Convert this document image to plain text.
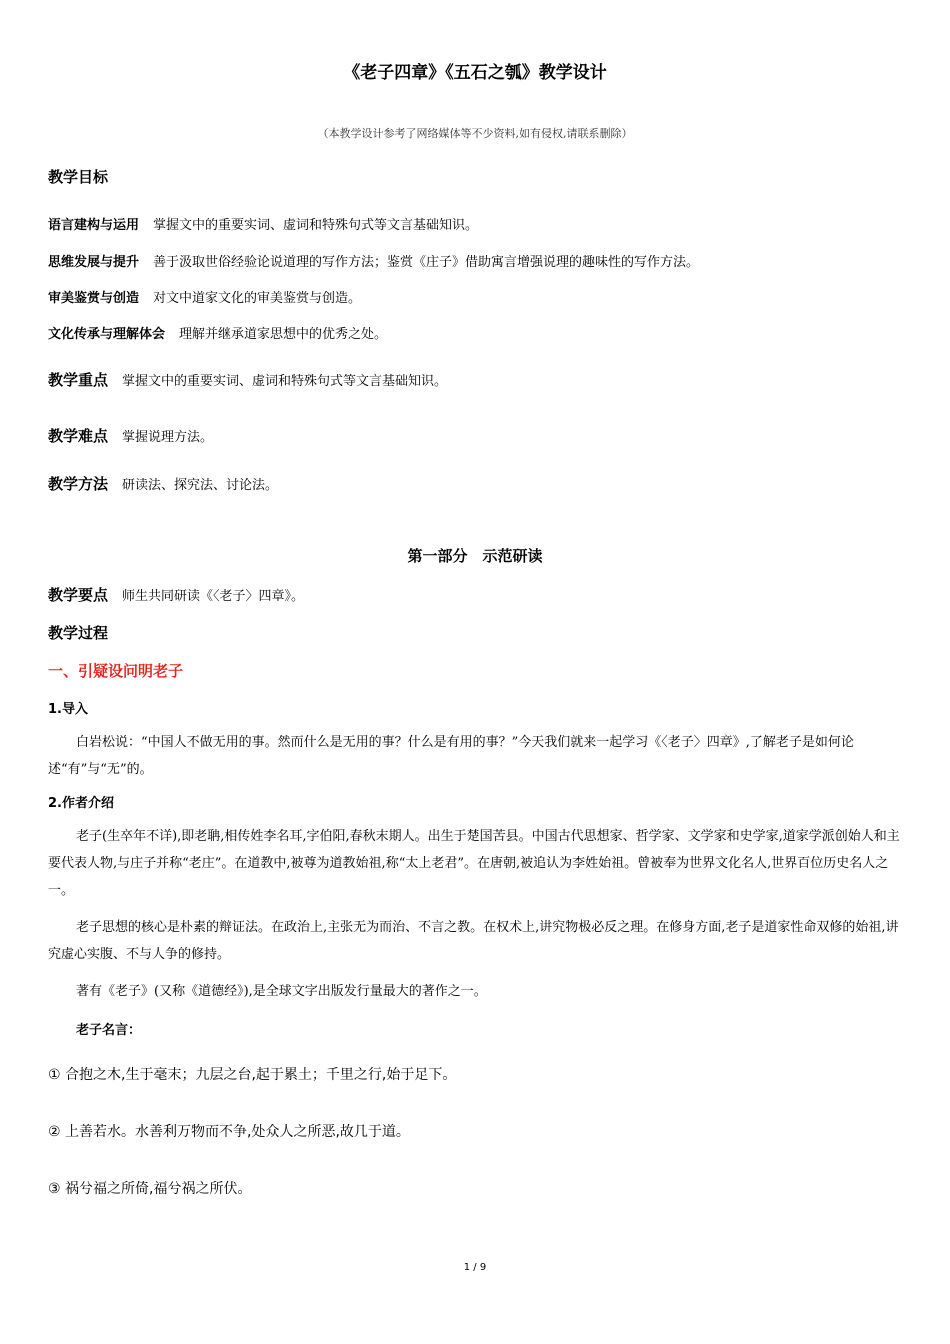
《老子四章》《五石之瓠》教学设计
（本教学设计参考了网络媒体等不少资料,如有侵权,请联系删除）
教学目标
语言建构与运用 掌握文中的重要实词、虚词和特殊句式等文言基础知识。
思维发展与提升 善于汲取世俗经验论说道理的写作方法；鉴赏《庄子》借助寓言增强说理的趣味性的写作方法。
审美鉴赏与创造 对文中道家文化的审美鉴赏与创造。
文化传承与理解体会 理解并继承道家思想中的优秀之处。
教学重点 掌握文中的重要实词、虚词和特殊句式等文言基础知识。
教学难点 掌握说理方法。
教学方法 研读法、探究法、讨论法。
第一部分　示范研读
教学要点 师生共同研读《〈老子〉四章》。
教学过程
一、引疑设问明老子
1.导入
白岩松说：“中国人不做无用的事。然而什么是无用的事？什么是有用的事？”今天我们就来一起学习《〈老子〉四章》,了解老子是如何论述“有”与“无”的。
2.作者介绍
老子(生卒年不详),即老聃,相传姓李名耳,字伯阳,春秋末期人。出生于楚国苦县。中国古代思想家、哲学家、文学家和史学家,道家学派创始人和主要代表人物,与庄子并称“老庄”。在道教中,被尊为道教始祖,称“太上老君”。在唐朝,被追认为李姓始祖。曾被奉为世界文化名人,世界百位历史名人之一。
老子思想的核心是朴素的辩证法。在政治上,主张无为而治、不言之教。在权术上,讲究物极必反之理。在修身方面,老子是道家性命双修的始祖,讲究虚心实腹、不与人争的修持。
著有《老子》(又称《道德经》),是全球文字出版发行量最大的著作之一。
老子名言：
① 合抱之木,生于毫末；九层之台,起于累土；千里之行,始于足下。
② 上善若水。水善利万物而不争,处众人之所恶,故几于道。
③ 祸兮福之所倚,福兮祸之所伏。
1 / 9
